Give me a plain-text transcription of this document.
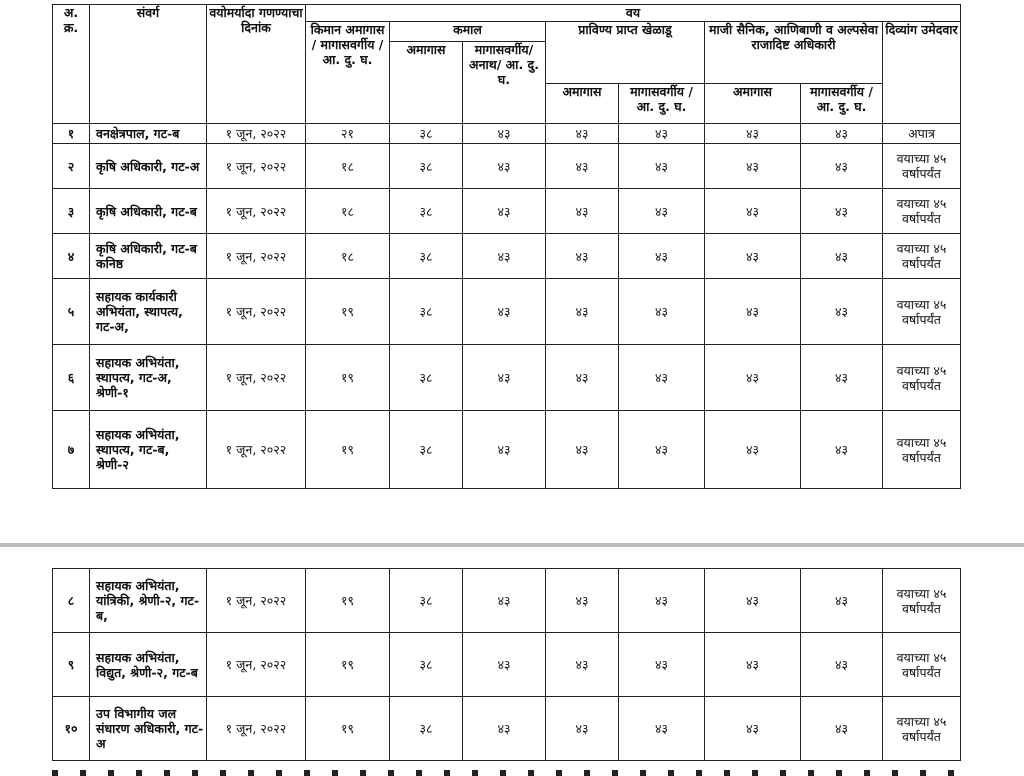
अ. क्र.	संवर्ग	वयोमर्यादा गणण्याचा दिनांक	वय							
			किमान अमागास / मागासवर्गीय / आ. दु. घ.	कमाल		प्राविण्य प्राप्त खेळाडू		माजी सैनिक, आणिबाणी व अल्पसेवा राजादिष्ट अधिकारी		दिव्यांग उमेदवार
				अमागास	मागासवर्गीय/ अनाथ/ आ. दु. घ.					
						अमागास	मागासवर्गीय / आ. दु. घ.	अमागास	मागासवर्गीय / आ. दु. घ.	
१	वनक्षेत्रपाल, गट-ब	१ जून, २०२२	२१	३८	४३	४३	४३	४३	४३	अपात्र
२	कृषि अधिकारी, गट-अ	१ जून, २०२२	१८	३८	४३	४३	४३	४३	४३	वयाच्या ४५ वर्षापर्यंत
३	कृषि अधिकारी, गट-ब	१ जून, २०२२	१८	३८	४३	४३	४३	४३	४३	वयाच्या ४५ वर्षापर्यंत
४	कृषि अधिकारी, गट-ब कनिष्ठ	१ जून, २०२२	१८	३८	४३	४३	४३	४३	४३	वयाच्या ४५ वर्षापर्यंत
५	सहायक कार्यकारी अभियंता, स्थापत्य, गट-अ,	१ जून, २०२२	१९	३८	४३	४३	४३	४३	४३	वयाच्या ४५ वर्षापर्यंत
६	सहायक अभियंता, स्थापत्य, गट-अ, श्रेणी-१	१ जून, २०२२	१९	३८	४३	४३	४३	४३	४३	वयाच्या ४५ वर्षापर्यंत
७	सहायक अभियंता, स्थापत्य, गट-ब, श्रेणी-२	१ जून, २०२२	१९	३८	४३	४३	४३	४३	४३	वयाच्या ४५ वर्षापर्यंत
८	सहायक अभियंता, यांत्रिकी, श्रेणी-२, गट-ब,	१ जून, २०२२	१९	३८	४३	४३	४३	४३	४३	वयाच्या ४५ वर्षापर्यंत
९	सहायक अभियंता, विद्युत, श्रेणी-२, गट-ब	१ जून, २०२२	१९	३८	४३	४३	४३	४३	४३	वयाच्या ४५ वर्षापर्यंत
१०	उप विभागीय जल संधारण अधिकारी, गट-अ	१ जून, २०२२	१९	३८	४३	४३	४३	४३	४३	वयाच्या ४५ वर्षापर्यंत
